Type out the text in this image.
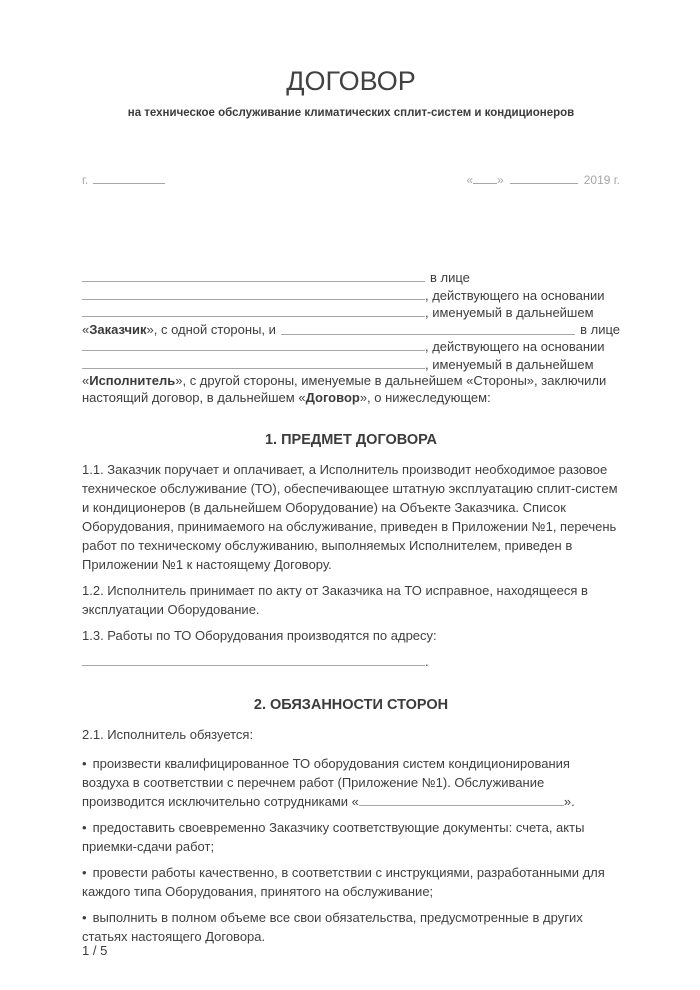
ДОГОВОР
на техническое обслуживание климатических сплит-систем и кондиционеров
г.	« »	2019 г.
в лице
, действующего на основании
, именуемый в дальнейшем
«Заказчик», с одной стороны, и	в лице
, действующего на основании
, именуемый в дальнейшем
«Исполнитель», с другой стороны, именуемые в дальнейшем «Стороны», заключили настоящий договор, в дальнейшем «Договор», о нижеследующем:
1. ПРЕДМЕТ ДОГОВОРА

1.1. Заказчик поручает и оплачивает, а Исполнитель производит необходимое разовое техническое обслуживание (ТО), обеспечивающее штатную эксплуатацию сплит-систем и кондиционеров (в дальнейшем Оборудование) на Объекте Заказчика. Список Оборудования, принимаемого на обслуживание, приведен в Приложении №1, перечень работ по техническому обслуживанию, выполняемых Исполнителем, приведен в Приложении №1 к настоящему Договору.

1.2. Исполнитель принимает по акту от Заказчика на ТО исправное, находящееся в эксплуатации Оборудование.

1.3. Работы по ТО Оборудования производятся по адресу:

.
2. ОБЯЗАННОСТИ СТОРОН

2.1. Исполнитель обязуется:

• произвести квалифицированное ТО оборудования систем кондиционирования воздуха в соответствии с перечнем работ (Приложение №1). Обслуживание производится исключительно сотрудниками «	».

• предоставить своевременно Заказчику соответствующие документы: счета, акты приемки-сдачи работ;

• провести работы качественно, в соответствии с инструкциями, разработанными для каждого типа Оборудования, принятого на обслуживание;

• выполнить в полном объеме все свои обязательства, предусмотренные в других статьях настоящего Договора.

1 / 5
